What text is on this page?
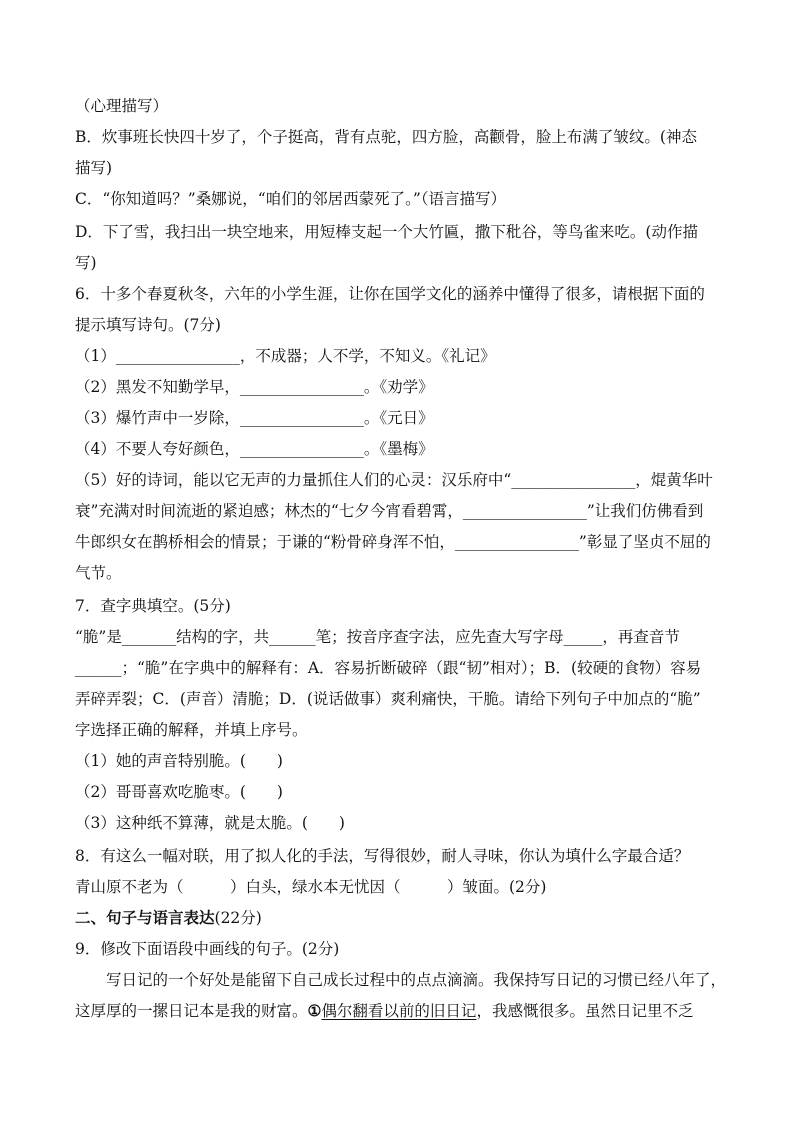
（心理描写）
B．炊事班长快四十岁了，个子挺高，背有点驼，四方脸，高颧骨，脸上布满了皱纹。(神态
描写)
C．“你知道吗？”桑娜说，“咱们的邻居西蒙死了。”（语言描写）
D．下了雪，我扫出一块空地来，用短棒支起一个大竹匾，撒下秕谷，等鸟雀来吃。(动作描
写)
6．十多个春夏秋冬，六年的小学生涯，让你在国学文化的涵养中懂得了很多，请根据下面的
提示填写诗句。(7分)
（1）________________，不成器；人不学，不知义。《礼记》
（2）黑发不知勤学早，________________。《劝学》
（3）爆竹声中一岁除，________________。《元日》
（4）不要人夸好颜色，________________。《墨梅》
（5）好的诗词，能以它无声的力量抓住人们的心灵：汉乐府中“________________，焜黄华叶
衰”充满对时间流逝的紧迫感；林杰的“七夕今宵看碧霄，________________”让我们仿佛看到
牛郎织女在鹊桥相会的情景；于谦的“粉骨碎身浑不怕，________________”彰显了坚贞不屈的
气节。
7．查字典填空。(5分)
“脆”是_______结构的字，共______笔；按音序查字法，应先查大写字母_____，再查音节
______；“脆”在字典中的解释有：A．容易折断破碎（跟“韧”相对）；B．(较硬的食物）容易
弄碎弄裂；C．(声音）清脆；D．(说话做事）爽利痛快，干脆。请给下列句子中加点的“脆”
字选择正确的解释，并填上序号。
（1）她的声音特别脆。(　　)
（2）哥哥喜欢吃脆枣。(　　)
（3）这种纸不算薄，就是太脆。(　　)
8．有这么一幅对联，用了拟人化的手法，写得很妙，耐人寻味，你认为填什么字最合适？
青山原不老为（　　　）白头，绿水本无忧因（　　　）皱面。(2分)
二、句子与语言表达(22分)
9．修改下面语段中画线的句子。(2分)
写日记的一个好处是能留下自己成长过程中的点点滴滴。我保持写日记的习惯已经八年了，
这厚厚的一摞日记本是我的财富。①偶尔翻看以前的旧日记，我感慨很多。虽然日记里不乏
